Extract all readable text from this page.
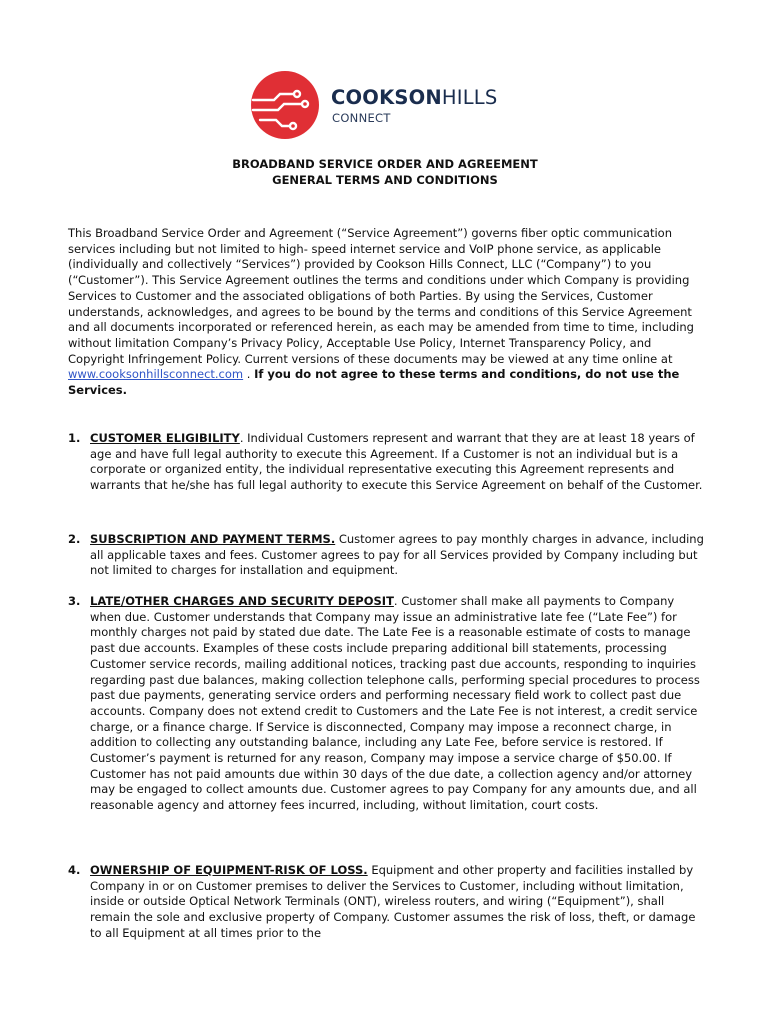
COOKSONHILLS
CONNECT
BROADBAND SERVICE ORDER AND AGREEMENT
GENERAL TERMS AND CONDITIONS
This Broadband Service Order and Agreement (“Service Agreement”) governs fiber optic communication services including but not limited to high- speed internet service and VoIP phone service, as applicable (individually and collectively “Services”) provided by Cookson Hills Connect, LLC (“Company”) to you (“Customer”). This Service Agreement outlines the terms and conditions under which Company is providing Services to Customer and the associated obligations of both Parties. By using the Services, Customer understands, acknowledges, and agrees to be bound by the terms and conditions of this Service Agreement and all documents incorporated or referenced herein, as each may be amended from time to time, including without limitation Company’s Privacy Policy, Acceptable Use Policy, Internet Transparency Policy, and Copyright Infringement Policy. Current versions of these documents may be viewed at any time online at www.cooksonhillsconnect.com . If you do not agree to these terms and conditions, do not use the Services.
1. CUSTOMER ELIGIBILITY. Individual Customers represent and warrant that they are at least 18 years of age and have full legal authority to execute this Agreement. If a Customer is not an individual but is a corporate or organized entity, the individual representative executing this Agreement represents and warrants that he/she has full legal authority to execute this Service Agreement on behalf of the Customer.
2. SUBSCRIPTION AND PAYMENT TERMS. Customer agrees to pay monthly charges in advance, including all applicable taxes and fees. Customer agrees to pay for all Services provided by Company including but not limited to charges for installation and equipment.
3. LATE/OTHER CHARGES AND SECURITY DEPOSIT. Customer shall make all payments to Company when due. Customer understands that Company may issue an administrative late fee (“Late Fee”) for monthly charges not paid by stated due date. The Late Fee is a reasonable estimate of costs to manage past due accounts. Examples of these costs include preparing additional bill statements, processing Customer service records, mailing additional notices, tracking past due accounts, responding to inquiries regarding past due balances, making collection telephone calls, performing special procedures to process past due payments, generating service orders and performing necessary field work to collect past due accounts. Company does not extend credit to Customers and the Late Fee is not interest, a credit service charge, or a finance charge. If Service is disconnected, Company may impose a reconnect charge, in addition to collecting any outstanding balance, including any Late Fee, before service is restored. If Customer’s payment is returned for any reason, Company may impose a service charge of $50.00. If Customer has not paid amounts due within 30 days of the due date, a collection agency and/or attorney may be engaged to collect amounts due. Customer agrees to pay Company for any amounts due, and all reasonable agency and attorney fees incurred, including, without limitation, court costs.
4. OWNERSHIP OF EQUIPMENT-RISK OF LOSS. Equipment and other property and facilities installed by Company in or on Customer premises to deliver the Services to Customer, including without limitation, inside or outside Optical Network Terminals (ONT), wireless routers, and wiring (“Equipment”), shall remain the sole and exclusive property of Company. Customer assumes the risk of loss, theft, or damage to all Equipment at all times prior to the
